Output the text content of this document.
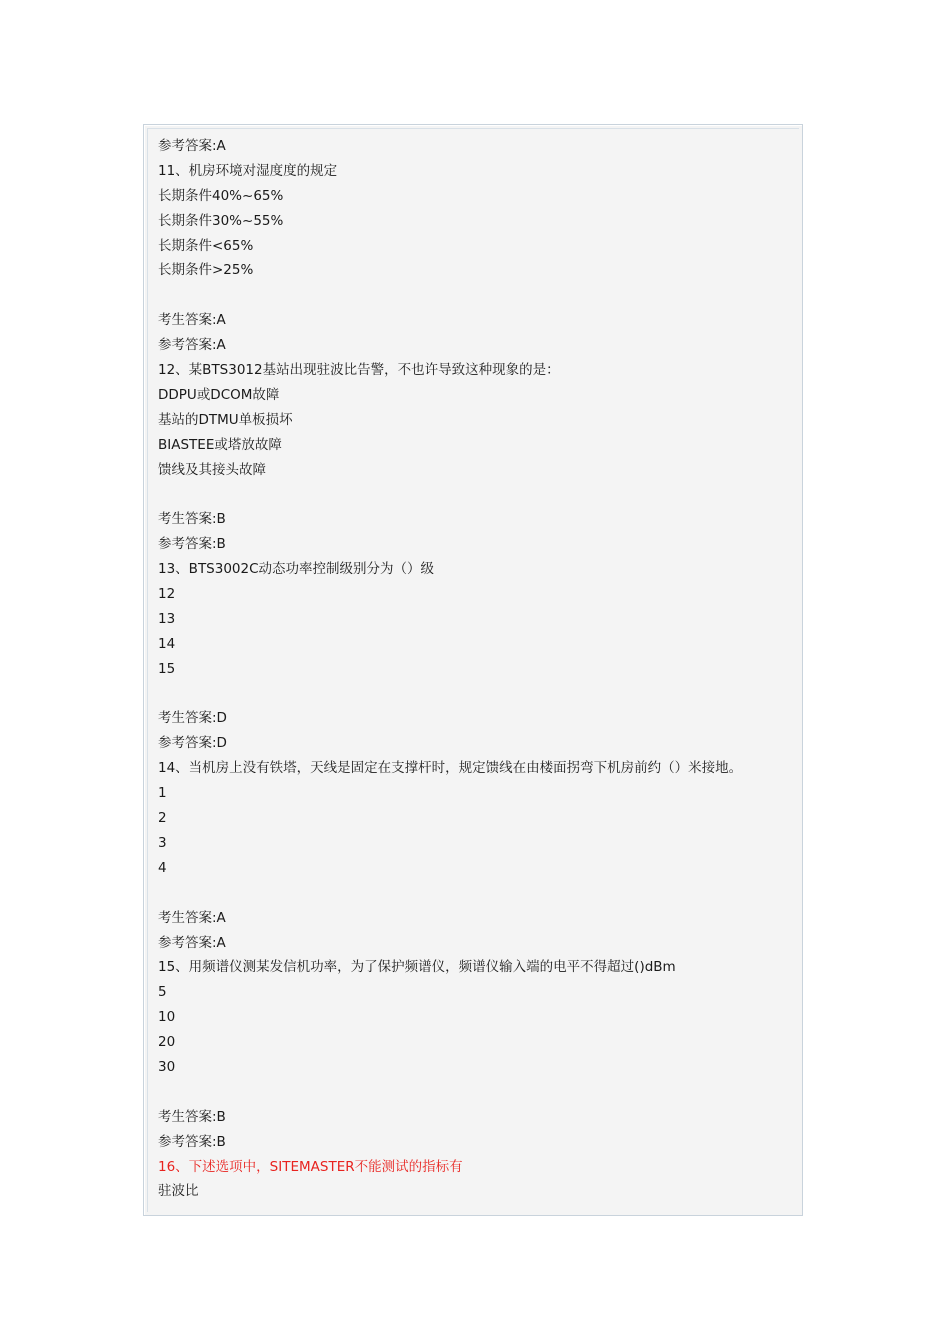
参考答案:A
11、机房环境对湿度度的规定
长期条件40%~65%
长期条件30%~55%
长期条件<65%
长期条件>25%
考生答案:A
参考答案:A
12、某BTS3012基站出现驻波比告警，不也许导致这种现象的是：
DDPU或DCOM故障
基站的DTMU单板损坏
BIASTEE或塔放故障
馈线及其接头故障
考生答案:B
参考答案:B
13、BTS3002C动态功率控制级别分为（）级
12
13
14
15
考生答案:D
参考答案:D
14、当机房上没有铁塔，天线是固定在支撑杆时，规定馈线在由楼面拐弯下机房前约（）米接地。
1
2
3
4
考生答案:A
参考答案:A
15、用频谱仪测某发信机功率，为了保护频谱仪，频谱仪输入端的电平不得超过()dBm
5
10
20
30
考生答案:B
参考答案:B
16、下述选项中，SITEMASTER不能测试的指标有
驻波比
